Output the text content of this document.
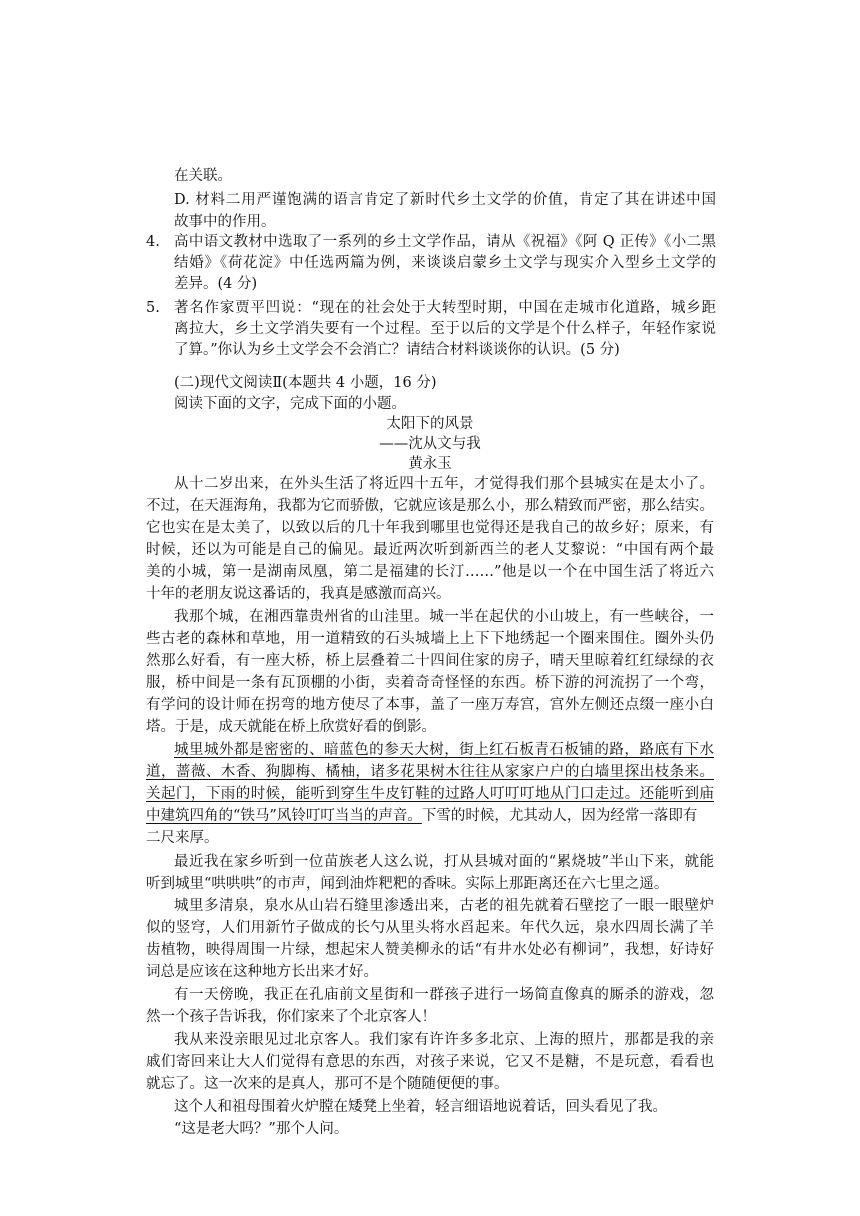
在关联。
D. 材料二用严谨饱满的语言肯定了新时代乡土文学的价值，肯定了其在讲述中国
故事中的作用。
4. 高中语文教材中选取了一系列的乡土文学作品，请从《祝福》《阿 Q 正传》《小二黑
结婚》《荷花淀》中任选两篇为例，来谈谈启蒙乡土文学与现实介入型乡土文学的
差异。(4 分)
5. 著名作家贾平凹说：“现在的社会处于大转型时期，中国在走城市化道路，城乡距
离拉大，乡土文学消失要有一个过程。至于以后的文学是个什么样子，年轻作家说
了算。”你认为乡土文学会不会消亡？请结合材料谈谈你的认识。(5 分)
(二)现代文阅读Ⅱ(本题共 4 小题，16 分)
阅读下面的文字，完成下面的小题。
太阳下的风景
——沈从文与我
黄永玉
从十二岁出来，在外头生活了将近四十五年，才觉得我们那个县城实在是太小了。
不过，在天涯海角，我都为它而骄傲，它就应该是那么小，那么精致而严密，那么结实。
它也实在是太美了，以致以后的几十年我到哪里也觉得还是我自己的故乡好；原来，有
时候，还以为可能是自己的偏见。最近两次听到新西兰的老人艾黎说：“中国有两个最
美的小城，第一是湖南凤凰，第二是福建的长汀……”他是以一个在中国生活了将近六
十年的老朋友说这番话的，我真是感激而高兴。
我那个城，在湘西靠贵州省的山洼里。城一半在起伏的小山坡上，有一些峡谷，一
些古老的森林和草地，用一道精致的石头城墙上上下下地绣起一个圈来围住。圈外头仍
然那么好看，有一座大桥，桥上层叠着二十四间住家的房子，晴天里晾着红红绿绿的衣
服，桥中间是一条有瓦顶棚的小街，卖着奇奇怪怪的东西。桥下游的河流拐了一个弯，
有学问的设计师在拐弯的地方使尽了本事，盖了一座万寿宫，宫外左侧还点缀一座小白
塔。于是，成天就能在桥上欣赏好看的倒影。
城里城外都是密密的、暗蓝色的参天大树，街上红石板青石板铺的路，路底有下水
道，蔷薇、木香、狗脚梅、橘柚，诸多花果树木往往从家家户户的白墙里探出枝条来。
关起门，下雨的时候，能听到穿生牛皮钉鞋的过路人叮叮叮地从门口走过。还能听到庙
中建筑四角的“铁马”风铃叮叮当当的声音。下雪的时候，尤其动人，因为经常一落即有
二尺来厚。
最近我在家乡听到一位苗族老人这么说，打从县城对面的“累烧坡”半山下来，就能
听到城里“哄哄哄”的市声，闻到油炸粑粑的香味。实际上那距离还在六七里之遥。
城里多清泉，泉水从山岩石缝里渗透出来，古老的祖先就着石壁挖了一眼一眼壁炉
似的竖穹，人们用新竹子做成的长勺从里头将水舀起来。年代久远，泉水四周长满了羊
齿植物，映得周围一片绿，想起宋人赞美柳永的话“有井水处必有柳词”，我想，好诗好
词总是应该在这种地方长出来才好。
有一天傍晚，我正在孔庙前文星街和一群孩子进行一场简直像真的厮杀的游戏，忽
然一个孩子告诉我，你们家来了个北京客人！
我从来没亲眼见过北京客人。我们家有许许多多北京、上海的照片，那都是我的亲
戚们寄回来让大人们觉得有意思的东西，对孩子来说，它又不是糖，不是玩意，看看也
就忘了。这一次来的是真人，那可不是个随随便便的事。
这个人和祖母围着火炉膛在矮凳上坐着，轻言细语地说着话，回头看见了我。
“这是老大吗？”那个人问。
